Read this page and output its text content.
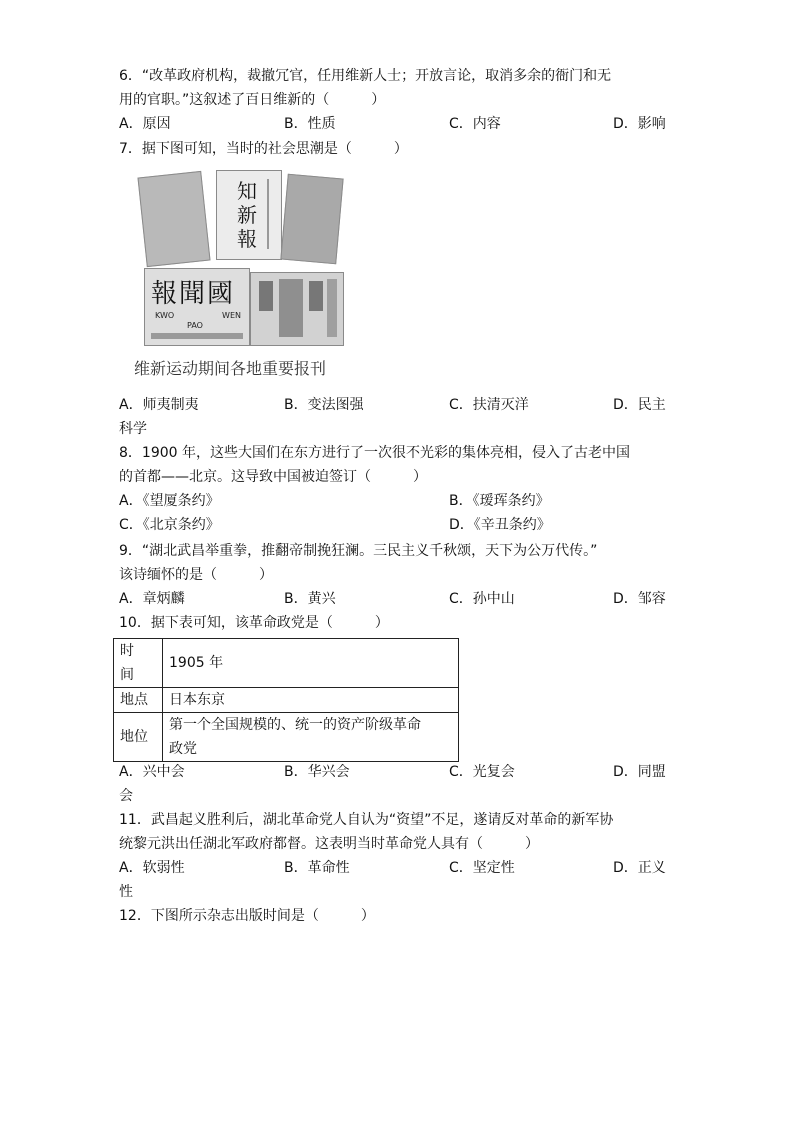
6．“改革政府机构，裁撤冗官，任用维新人士；开放言论，取消多余的衙门和无
用的官职。”这叙述了百日维新的（　　　）
A．原因	B．性质	C．内容	D．影响
7．据下图可知，当时的社会思潮是（　　　）
知
新
報
報聞國
KWO	WEN
PAO
维新运动期间各地重要报刊
A．师夷制夷	B．变法图强	C．扶清灭洋	D．民主
科学
8．1900 年，这些大国们在东方进行了一次很不光彩的集体亮相，侵入了古老中国
的首都——北京。这导致中国被迫签订（　　　）
A．《望厦条约》	B．《瑷珲条约》
C．《北京条约》	D．《辛丑条约》
9．“湖北武昌举重拳，推翻帝制挽狂澜。三民主义千秋颂，天下为公万代传。”
该诗缅怀的是（　　　）
A．章炳麟	B．黄兴	C．孙中山	D．邹容
10．据下表可知，该革命政党是（　　　）
时
间	1905 年
地点	日本东京
地位	第一个全国规模的、统一的资产阶级革命
政党
A．兴中会	B．华兴会	C．光复会	D．同盟
会
11．武昌起义胜利后，湖北革命党人自认为“资望”不足，遂请反对革命的新军协
统黎元洪出任湖北军政府都督。这表明当时革命党人具有（　　　）
A．软弱性	B．革命性	C．坚定性	D．正义
性
12．下图所示杂志出版时间是（　　　）
